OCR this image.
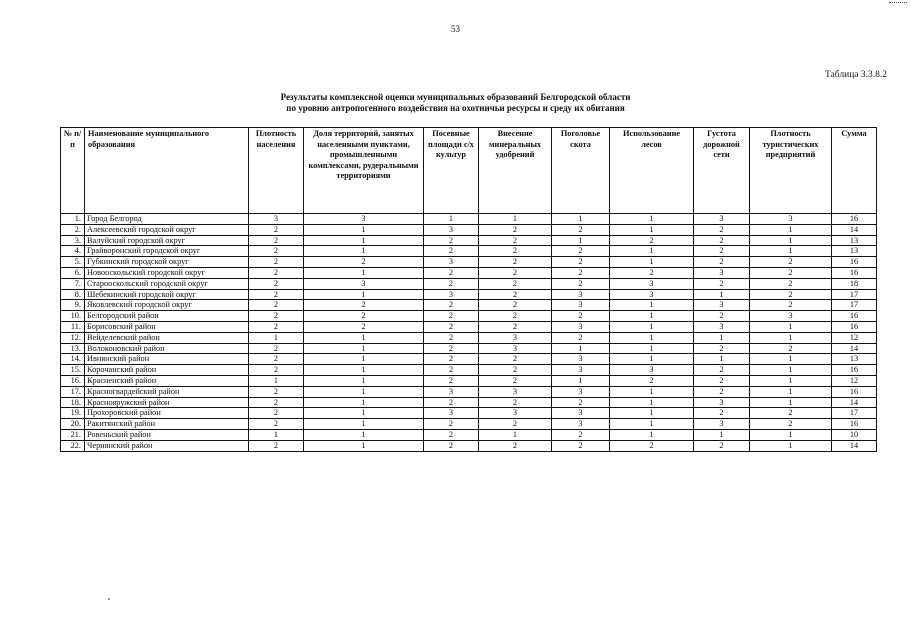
53
Таблица 3.3.8.2
Результаты комплексной оценки муниципальных образований Белгородской области
по уровню антропогенного воздействия на охотничьи ресурсы и среду их обитания
№ п/п	Наименование муниципального образования	Плотность населения	Доля территорий, занятых населенными пунктами, промышленными комплексами, рудеральными территориями	Посевные площади с/х культур	Внесение минеральных удобрений	Поголовье скота	Использование лесов	Густота дорожной сети	Плотность туристических предприятий	Сумма
1.	Город Белгород	3	3	1	1	1	1	3	3	16
2.	Алексеевский городской округ	2	1	3	2	2	1	2	1	14
3.	Валуйский городской округ	2	1	2	2	1	2	2	1	13
4.	Грайворонский городской округ	2	1	2	2	2	1	2	1	13
5.	Губкинский городской округ	2	2	3	2	2	1	2	2	16
6.	Новооскольский городской округ	2	1	2	2	2	2	3	2	16
7.	Старооскольский городской округ	2	3	2	2	2	3	2	2	18
8.	Шебекинский городской округ	2	1	3	2	3	3	1	2	17
9.	Яковлевский городской округ	2	2	2	2	3	1	3	2	17
10.	Белгородский район	2	2	2	2	2	1	2	3	16
11.	Борисовский район	2	2	2	2	3	1	3	1	16
12.	Вейделевский район	1	1	2	3	2	1	1	1	12
13.	Волоконовский район	2	1	2	3	1	1	2	2	14
14.	Ивнянский район	2	1	2	2	3	1	1	1	13
15.	Корочанский район	2	1	2	2	3	3	2	1	16
16.	Красненский район	1	1	2	2	1	2	2	1	12
17.	Красногвардейский район	2	1	3	3	3	1	2	1	16
18.	Краснояружский район	2	1	2	2	2	1	3	1	14
19.	Прохоровский район	2	1	3	3	3	1	2	2	17
20.	Ракитянский район	2	1	2	2	3	1	3	2	16
21.	Ровеньский район	1	1	2	1	2	1	1	1	10
22.	Чернянский район	2	1	2	2	2	2	2	1	14
